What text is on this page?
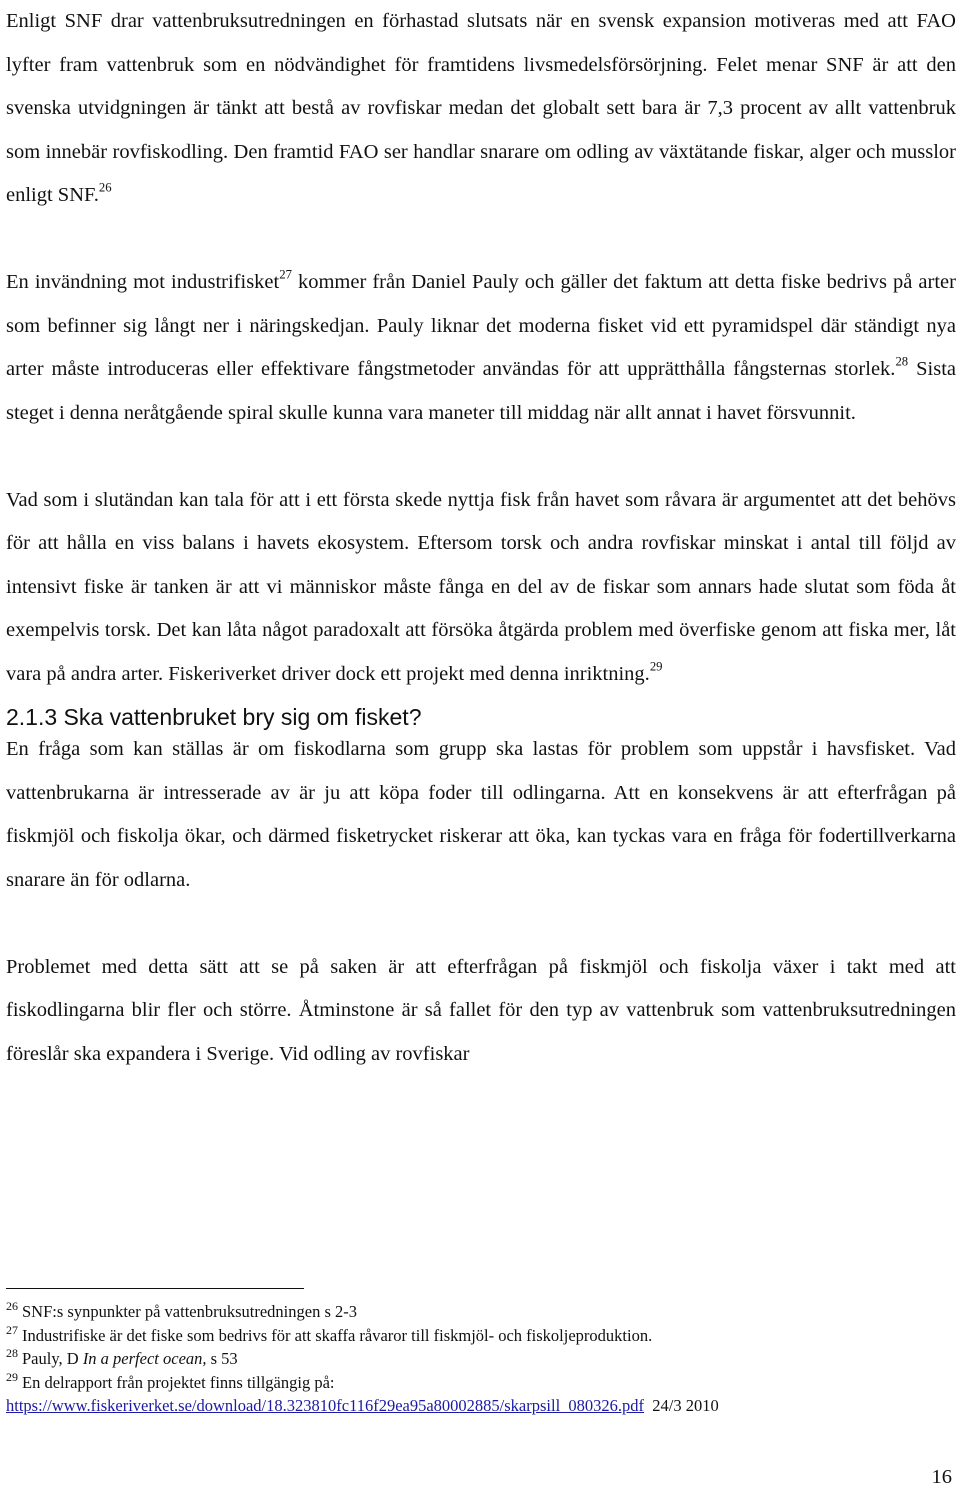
Enligt SNF drar vattenbruksutredningen en förhastad slutsats när en svensk expansion motiveras med att FAO lyfter fram vattenbruk som en nödvändighet för framtidens livsmedelsförsörjning. Felet menar SNF är att den svenska utvidgningen är tänkt att bestå av rovfiskar medan det globalt sett bara är 7,3 procent av allt vattenbruk som innebär rovfiskodling. Den framtid FAO ser handlar snarare om odling av växtätande fiskar, alger och musslor enligt SNF.$^{26}$

En invändning mot industrifisket$^{27}$ kommer från Daniel Pauly och gäller det faktum att detta fiske bedrivs på arter som befinner sig långt ner i näringskedjan. Pauly liknar det moderna fisket vid ett pyramidspel där ständigt nya arter måste introduceras eller effektivare fångstmetoder användas för att upprätthålla fångsternas storlek.$^{28}$ Sista steget i denna neråtgående spiral skulle kunna vara maneter till middag när allt annat i havet försvunnit.

Vad som i slutändan kan tala för att i ett första skede nyttja fisk från havet som råvara är argumentet att det behövs för att hålla en viss balans i havets ekosystem. Eftersom torsk och andra rovfiskar minskat i antal till följd av intensivt fiske är tanken är att vi människor måste fånga en del av de fiskar som annars hade slutat som föda åt exempelvis torsk. Det kan låta något paradoxalt att försöka åtgärda problem med överfiske genom att fiska mer, låt vara på andra arter. Fiskeriverket driver dock ett projekt med denna inriktning.$^{29}$

2.1.3 Ska vattenbruket bry sig om fisket?

En fråga som kan ställas är om fiskodlarna som grupp ska lastas för problem som uppstår i havsfisket. Vad vattenbrukarna är intresserade av är ju att köpa foder till odlingarna. Att en konsekvens är att efterfrågan på fiskmjöl och fiskolja ökar, och därmed fisketrycket riskerar att öka, kan tyckas vara en fråga för fodertillverkarna snarare än för odlarna.

Problemet med detta sätt att se på saken är att efterfrågan på fiskmjöl och fiskolja växer i takt med att fiskodlingarna blir fler och större. Åtminstone är så fallet för den typ av vattenbruk som vattenbruksutredningen föreslår ska expandera i Sverige. Vid odling av rovfiskar

$^{26}$ SNF:s synpunkter på vattenbruksutredningen s 2-3
$^{27}$ Industrifiske är det fiske som bedrivs för att skaffa råvaror till fiskmjöl- och fiskoljeproduktion.
$^{28}$ Pauly, D In a perfect ocean, s 53
$^{29}$ En delrapport från projektet finns tillgängig på:
https://www.fiskeriverket.se/download/18.323810fc116f29ea95a80002885/skarpsill_080326.pdf 24/3 2010
16
